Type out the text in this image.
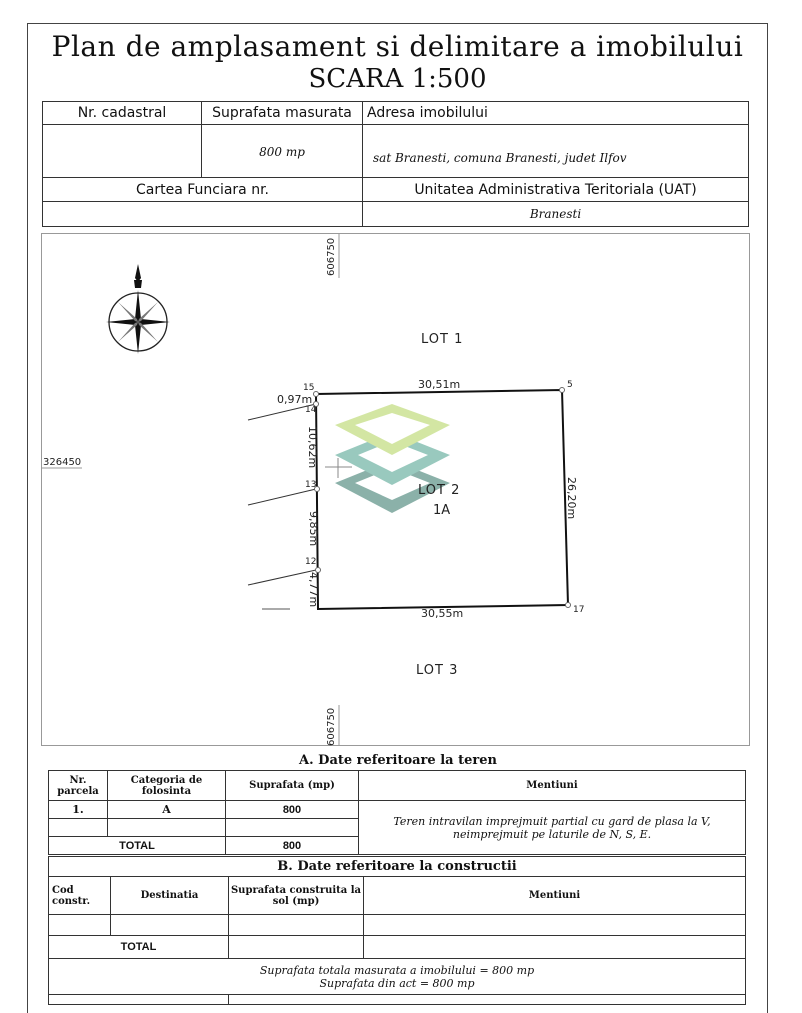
Plan de amplasament si delimitare a imobilului
SCARA 1:500
Nr. cadastral	Suprafata masurata	Adresa imobilului
	800 mp	sat Branesti, comuna Branesti, judet Ilfov
Cartea Funciara nr.		Unitatea Administrativa Teritoriala (UAT)
		Branesti
606750
606750
326450
LOT 1
LOT 2
1A
LOT 3
15
14
13
12
5
17
30,51m
30,55m
0,97m
26,20m
10,62m
9,85m
4,77m
A. Date referitoare la teren
Nr. parcela	Categoria de folosinta	Suprafata (mp)	Mentiuni
1.	A	800	Teren intravilan imprejmuit partial cu gard de plasa la V,
neimprejmuit pe laturile de N, S, E.

TOTAL		800	
B. Date referitoare la constructii			
Cod constr.	Destinatia	Suprafata construita la sol (mp)	Mentiuni

TOTAL			

Suprafata totala masurata a imobilului = 800 mp
Suprafata din act = 800 mp			
